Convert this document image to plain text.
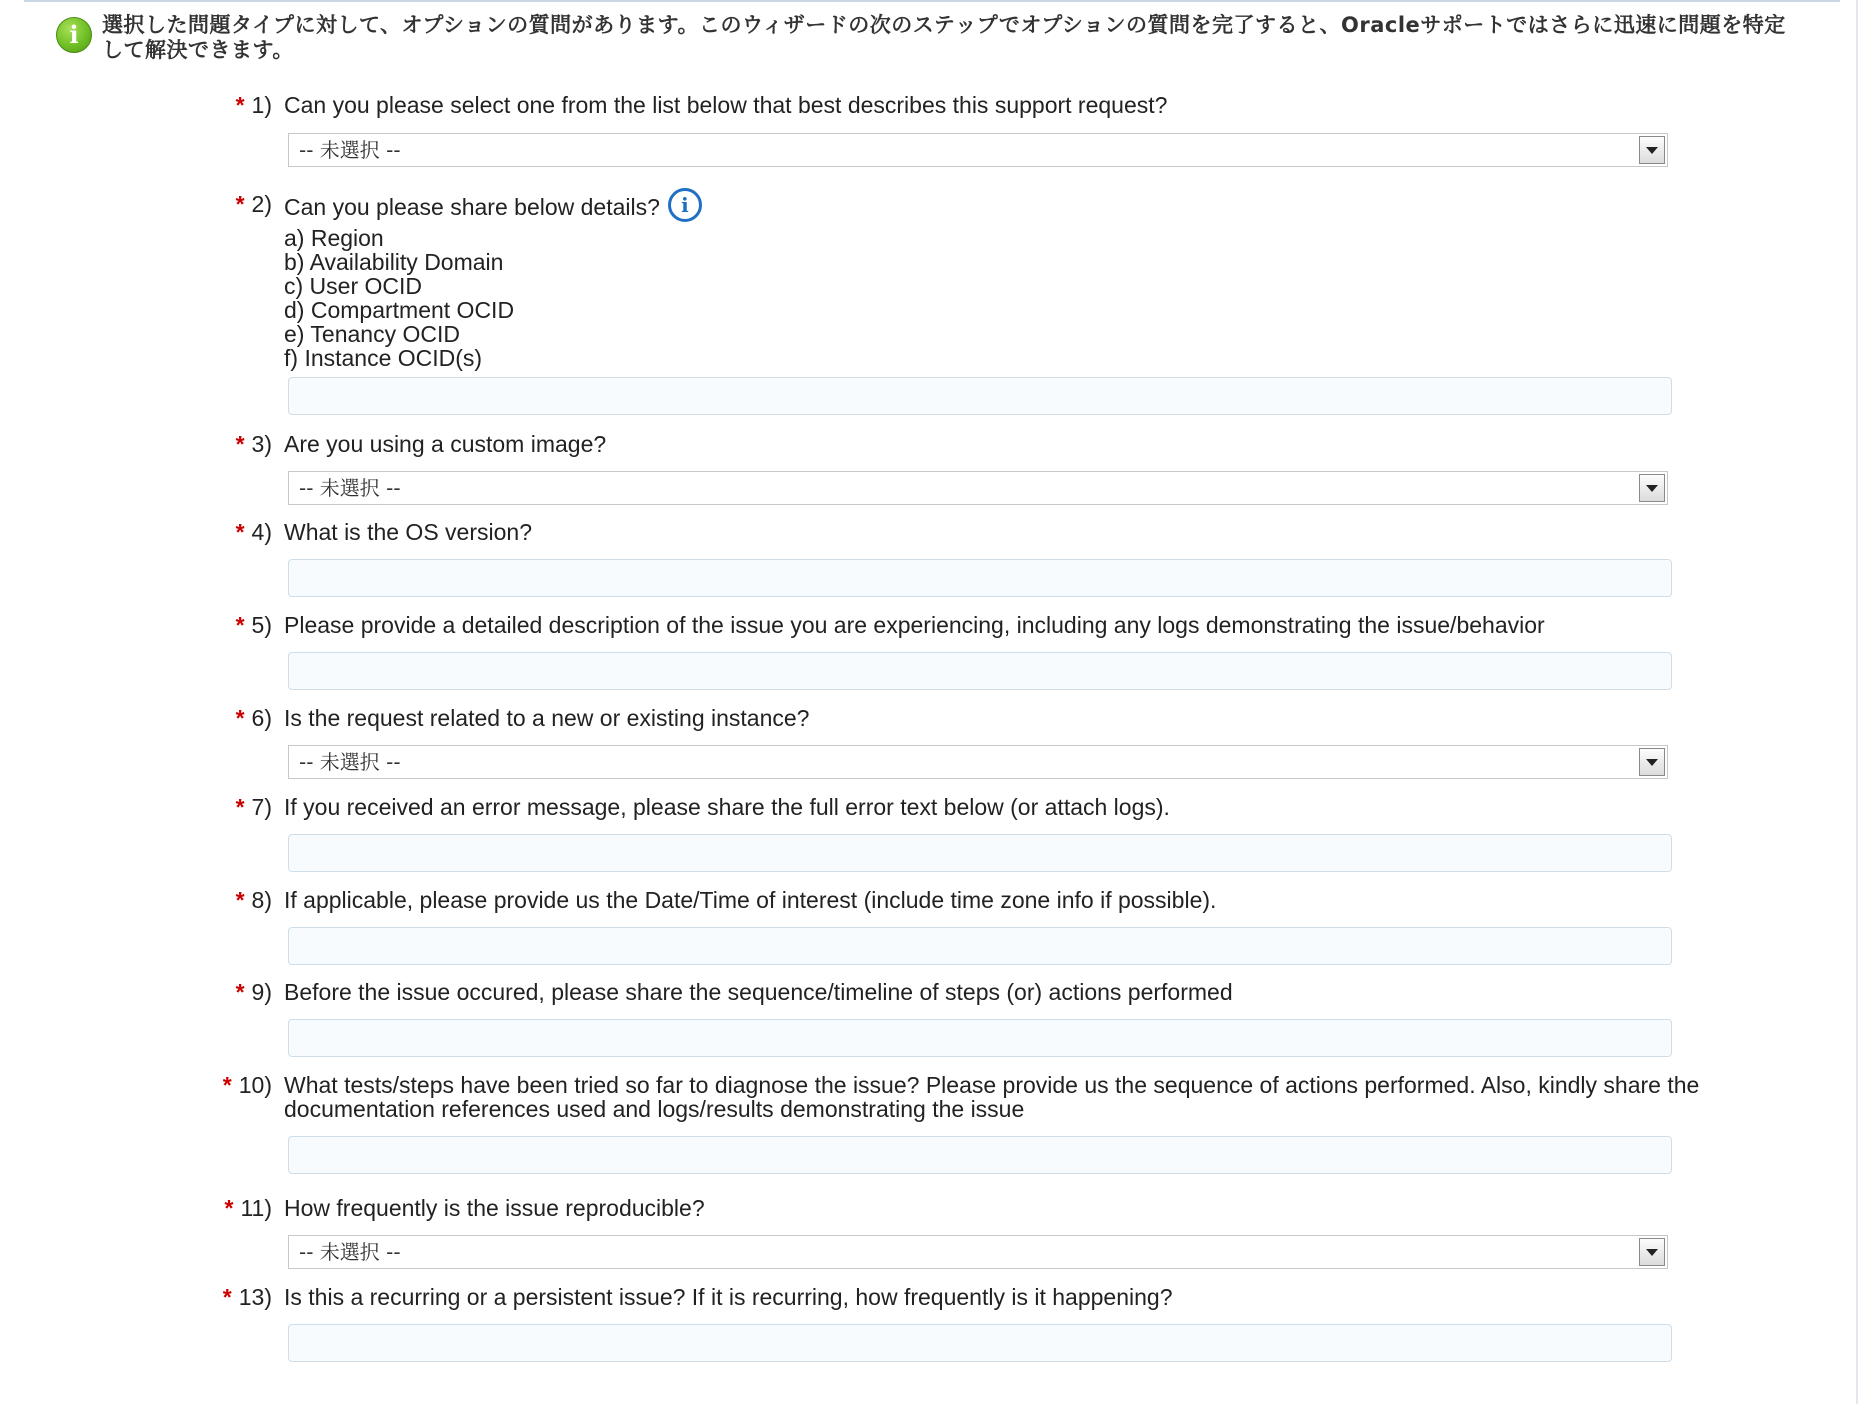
i	選択した問題タイプに対して、オプションの質問があります。このウィザードの次のステップでオプションの質問を完了すると、Oracleサポートではさらに迅速に問題を特定して解決できます。
* 1) Can you please select one from the list below that best describes this support request?
-- 未選択 --
* 2) Can you please share below details? i
a) Region
b) Availability Domain
c) User OCID
d) Compartment OCID
e) Tenancy OCID
f) Instance OCID(s)
* 3) Are you using a custom image?
-- 未選択 --
* 4) What is the OS version?
* 5) Please provide a detailed description of the issue you are experiencing, including any logs demonstrating the issue/behavior
* 6) Is the request related to a new or existing instance?
-- 未選択 --
* 7) If you received an error message, please share the full error text below (or attach logs).
* 8) If applicable, please provide us the Date/Time of interest (include time zone info if possible).
* 9) Before the issue occured, please share the sequence/timeline of steps (or) actions performed
* 10) What tests/steps have been tried so far to diagnose the issue? Please provide us the sequence of actions performed. Also, kindly share the documentation references used and logs/results demonstrating the issue
* 11) How frequently is the issue reproducible?
-- 未選択 --
* 13) Is this a recurring or a persistent issue? If it is recurring, how frequently is it happening?
